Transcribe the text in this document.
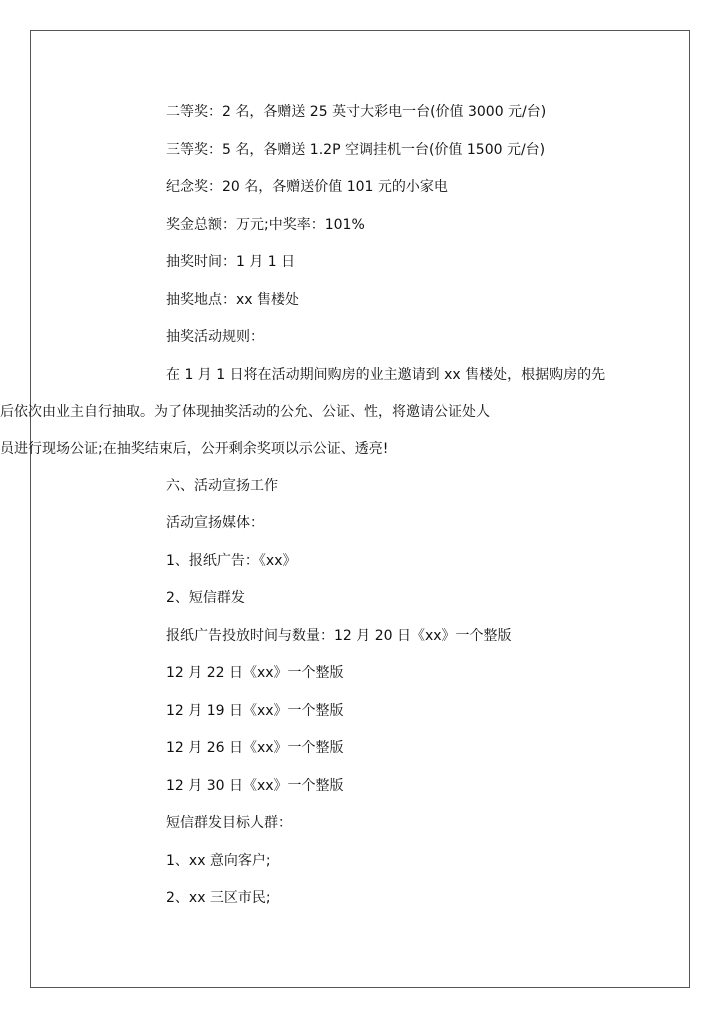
二等奖：2 名，各赠送 25 英寸大彩电一台(价值 3000 元/台)

三等奖：5 名，各赠送 1.2P 空调挂机一台(价值 1500 元/台)

纪念奖：20 名，各赠送价值 101 元的小家电

奖金总额：万元;中奖率：101%

抽奖时间：1 月 1 日

抽奖地点：xx 售楼处

抽奖活动规则：

在 1 月 1 日将在活动期间购房的业主邀请到 xx 售楼处，根据购房的先
后依次由业主自行抽取。为了体现抽奖活动的公允、公证、性，将邀请公证处人
员进行现场公证;在抽奖结束后，公开剩余奖项以示公证、透亮!

六、活动宣扬工作

活动宣扬媒体：

1、报纸广告：《xx》

2、短信群发

报纸广告投放时间与数量：12 月 20 日《xx》一个整版

12 月 22 日《xx》一个整版

12 月 19 日《xx》一个整版

12 月 26 日《xx》一个整版

12 月 30 日《xx》一个整版

短信群发目标人群：

1、xx 意向客户;

2、xx 三区市民;
